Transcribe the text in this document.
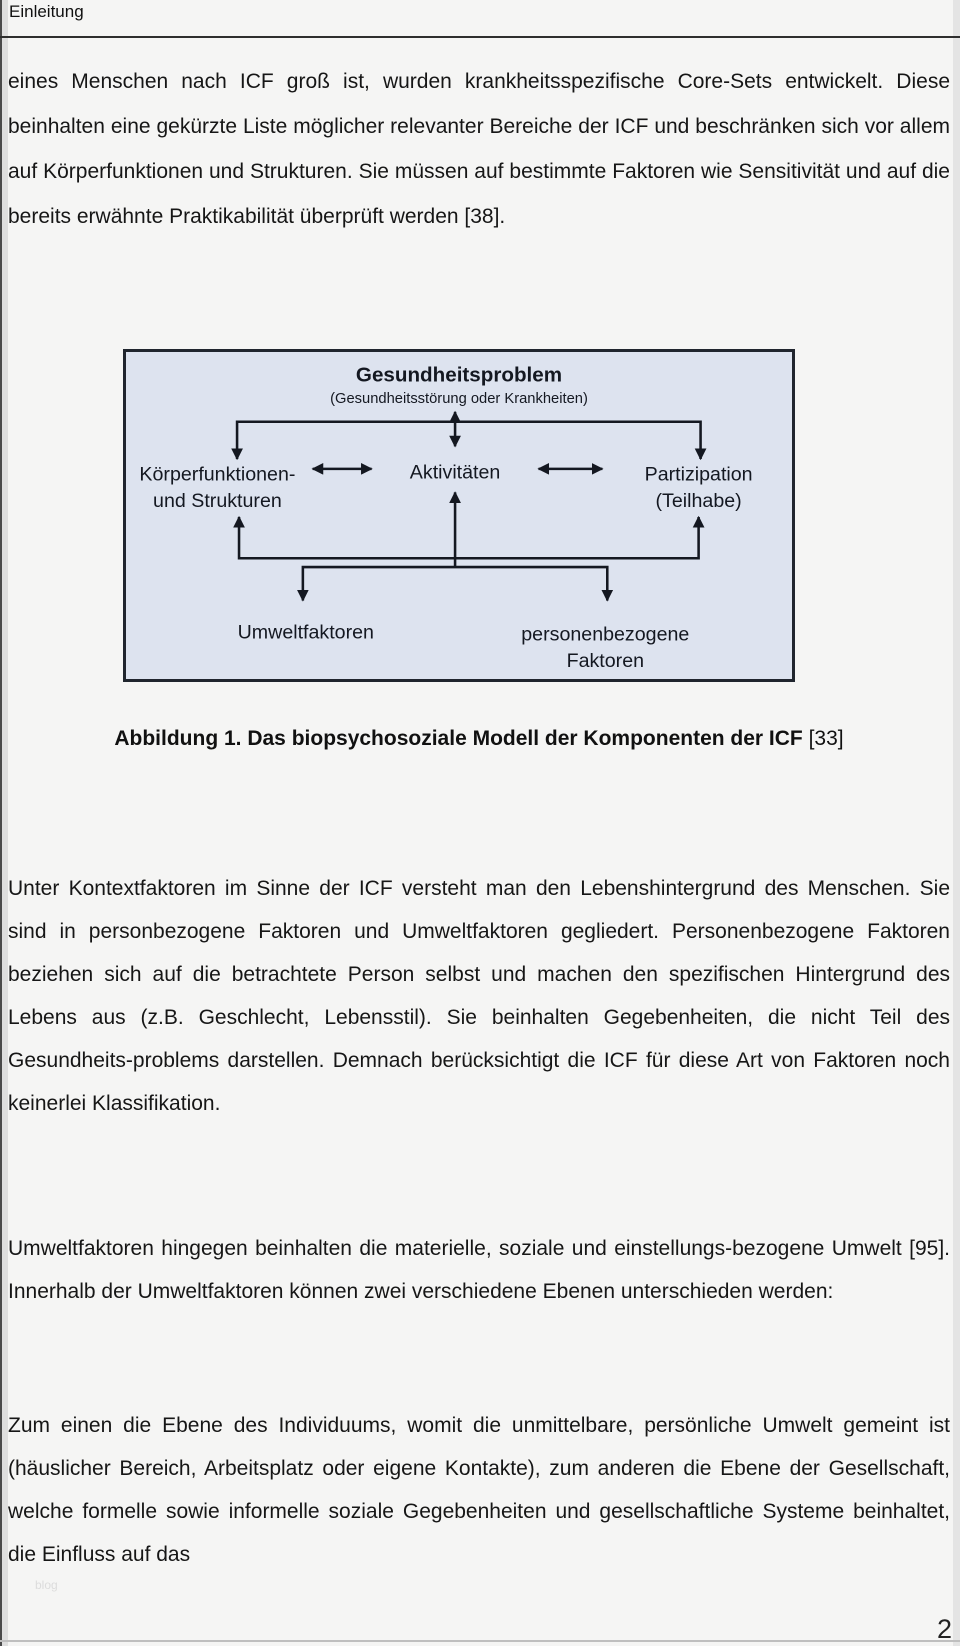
Einleitung

eines Menschen nach ICF groß ist, wurden krankheitsspezifische Core-Sets entwickelt. Diese beinhalten eine gekürzte Liste möglicher relevanter Bereiche der ICF und beschränken sich vor allem auf Körperfunktionen und Strukturen. Sie müssen auf bestimmte Faktoren wie Sensitivität und auf die bereits erwähnte Praktikabilität überprüft werden [38].

Gesundheitsproblem
(Gesundheitsstörung oder Krankheiten)
Körperfunktionen-
und Strukturen
Aktivitäten	Partizipation
(Teilhabe)
Umweltfaktoren	personenbezogene
Faktoren
Abbildung 1. Das biopsychosoziale Modell der Komponenten der ICF [33]

Unter Kontextfaktoren im Sinne der ICF versteht man den Lebenshintergrund des Menschen. Sie sind in personbezogene Faktoren und Umweltfaktoren gegliedert. Personenbezogene Faktoren beziehen sich auf die betrachtete Person selbst und machen den spezifischen Hintergrund des Lebens aus (z.B. Geschlecht, Lebensstil). Sie beinhalten Gegebenheiten, die nicht Teil des Gesundheits-problems darstellen. Demnach berücksichtigt die ICF für diese Art von Faktoren noch keinerlei Klassifikation.

Umweltfaktoren hingegen beinhalten die materielle, soziale und einstellungs-bezogene Umwelt [95]. Innerhalb der Umweltfaktoren können zwei verschiedene Ebenen unterschieden werden:

Zum einen die Ebene des Individuums, womit die unmittelbare, persönliche Umwelt gemeint ist (häuslicher Bereich, Arbeitsplatz oder eigene Kontakte), zum anderen die Ebene der Gesellschaft, welche formelle sowie informelle soziale Gegebenheiten und gesellschaftliche Systeme beinhaltet, die Einfluss auf das

blog
2
